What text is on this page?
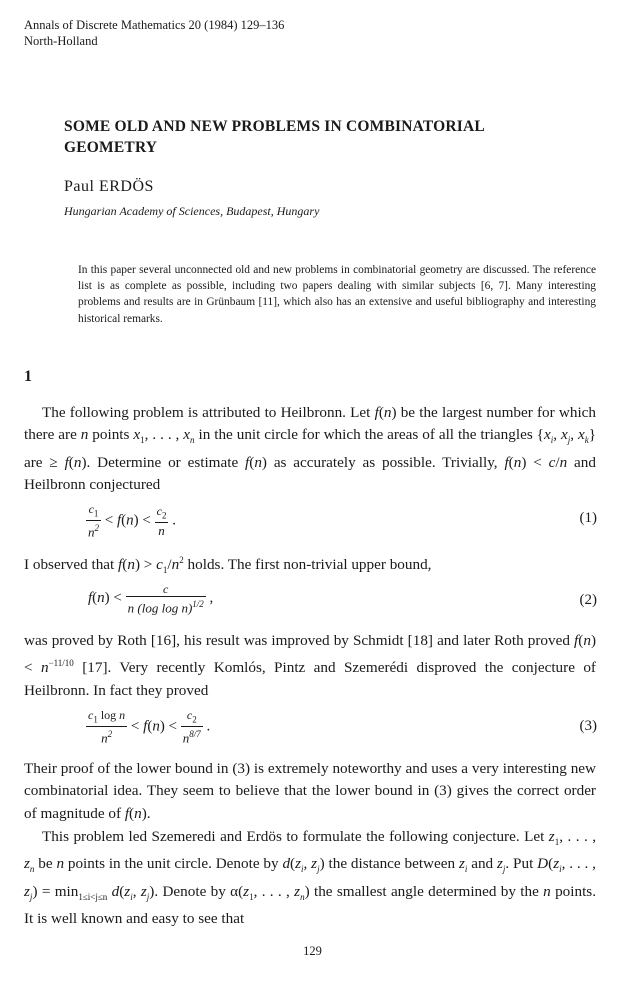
Annals of Discrete Mathematics 20 (1984) 129–136
North-Holland
SOME OLD AND NEW PROBLEMS IN COMBINATORIAL GEOMETRY
Paul ERDÖS
Hungarian Academy of Sciences, Budapest, Hungary
In this paper several unconnected old and new problems in combinatorial geometry are discussed. The reference list is as complete as possible, including two papers dealing with similar subjects [6, 7]. Many interesting problems and results are in Grünbaum [11], which also has an extensive and useful bibliography and interesting historical remarks.
1
The following problem is attributed to Heilbronn. Let f(n) be the largest number for which there are n points $x_1$, . . . , $x_n$ in the unit circle for which the areas of all the triangles {$x_i$, $x_j$, $x_k$} are ≥ f(n). Determine or estimate f(n) as accurately as possible. Trivially, f(n) < c/n and Heilbronn conjectured
$\frac{c_1}{n^2} < f(n) < \frac{c_2}{n}$ .	(1)
I observed that $f(n) > c_1/n^2$ holds. The first non-trivial upper bound,
$f(n) < \frac{c}{n (\log \log n)^{1/2}}$ ,	(2)
was proved by Roth [16], his result was improved by Schmidt [18] and later Roth proved $f(n) < n^{-11/10}$ [17]. Very recently Komlós, Pintz and Szemerédi disproved the conjecture of Heilbronn. In fact they proved
$\frac{c_1 \log n}{n^2} < f(n) < \frac{c_2}{n^{8/7}}$ .	(3)
Their proof of the lower bound in (3) is extremely noteworthy and uses a very interesting new combinatorial idea. They seem to believe that the lower bound in (3) gives the correct order of magnitude of f(n).
This problem led Szemeredi and Erdös to formulate the following conjecture. Let $z_1$, . . . , $z_n$ be n points in the unit circle. Denote by $d(z_i$, $z_j$) the distance between $z_i$ and $z_j$. Put $D(z_i$, . . . , $z_j) = \min_{1\le i<j\le n} d(z_i$, $z_j$). Denote by $\alpha(z_1$, . . . , $z_n$) the smallest angle determined by the n points. It is well known and easy to see that
129
